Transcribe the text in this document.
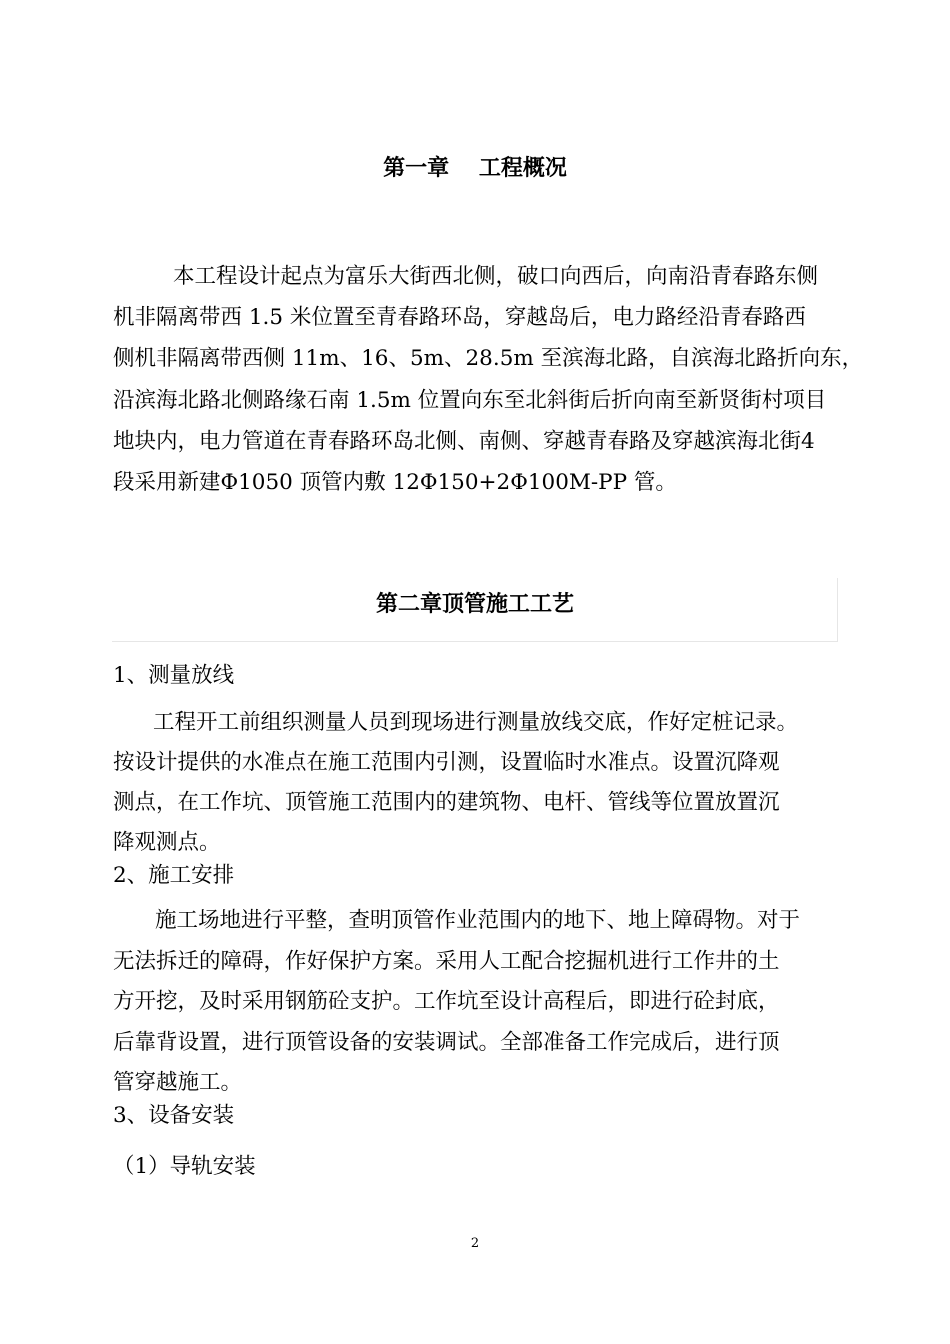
第一章　 工程概况

本工程设计起点为富乐大街西北侧，破口向西后，向南沿青春路东侧
机非隔离带西 1.5 米位置至青春路环岛，穿越岛后，电力路经沿青春路西
侧机非隔离带西侧 11m、16、5m、28.5m 至滨海北路，自滨海北路折向东，
沿滨海北路北侧路缘石南 1.5m 位置向东至北斜街后折向南至新贤街村项目
地块内，电力管道在青春路环岛北侧、南侧、穿越青春路及穿越滨海北街4
段采用新建Φ1050 顶管内敷 12Φ150+2Φ100M-PP 管。

第二章顶管施工工艺

1、测量放线

工程开工前组织测量人员到现场进行测量放线交底，作好定桩记录。
按设计提供的水准点在施工范围内引测，设置临时水准点。设置沉降观
测点，在工作坑、顶管施工范围内的建筑物、电杆、管线等位置放置沉
降观测点。

2、施工安排

施工场地进行平整，查明顶管作业范围内的地下、地上障碍物。对于
无法拆迁的障碍，作好保护方案。采用人工配合挖掘机进行工作井的土
方开挖，及时采用钢筋砼支护。工作坑至设计高程后，即进行砼封底，
后靠背设置，进行顶管设备的安装调试。全部准备工作完成后，进行顶
管穿越施工。

3、设备安装

（1）导轨安装

2
